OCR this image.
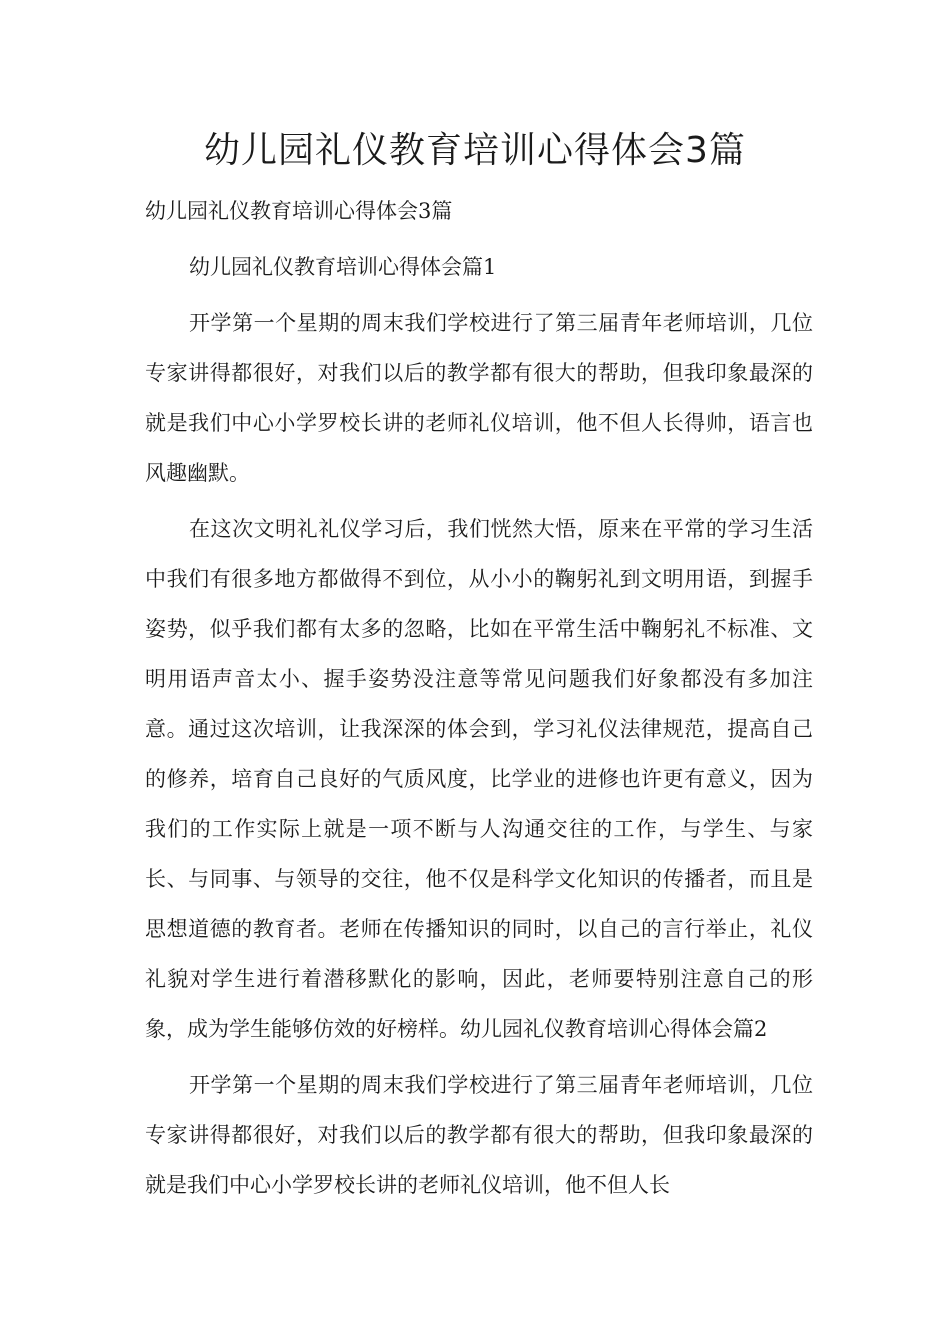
幼儿园礼仪教育培训心得体会3篇

幼儿园礼仪教育培训心得体会3篇

幼儿园礼仪教育培训心得体会篇1

开学第一个星期的周末我们学校进行了第三届青年老师培训，几位专家讲得都很好，对我们以后的教学都有很大的帮助，但我印象最深的就是我们中心小学罗校长讲的老师礼仪培训，他不但人长得帅，语言也风趣幽默。

在这次文明礼礼仪学习后，我们恍然大悟，原来在平常的学习生活中我们有很多地方都做得不到位，从小小的鞠躬礼到文明用语，到握手姿势，似乎我们都有太多的忽略，比如在平常生活中鞠躬礼不标准、文明用语声音太小、握手姿势没注意等常见问题我们好象都没有多加注意。通过这次培训，让我深深的体会到，学习礼仪法律规范，提高自己的修养，培育自己良好的气质风度，比学业的进修也许更有意义，因为我们的工作实际上就是一项不断与人沟通交往的工作，与学生、与家长、与同事、与领导的交往，他不仅是科学文化知识的传播者，而且是思想道德的教育者。老师在传播知识的同时，以自己的言行举止，礼仪礼貌对学生进行着潜移默化的影响，因此，老师要特别注意自己的形象，成为学生能够仿效的好榜样。幼儿园礼仪教育培训心得体会篇2

开学第一个星期的周末我们学校进行了第三届青年老师培训，几位专家讲得都很好，对我们以后的教学都有很大的帮助，但我印象最深的就是我们中心小学罗校长讲的老师礼仪培训，他不但人长
